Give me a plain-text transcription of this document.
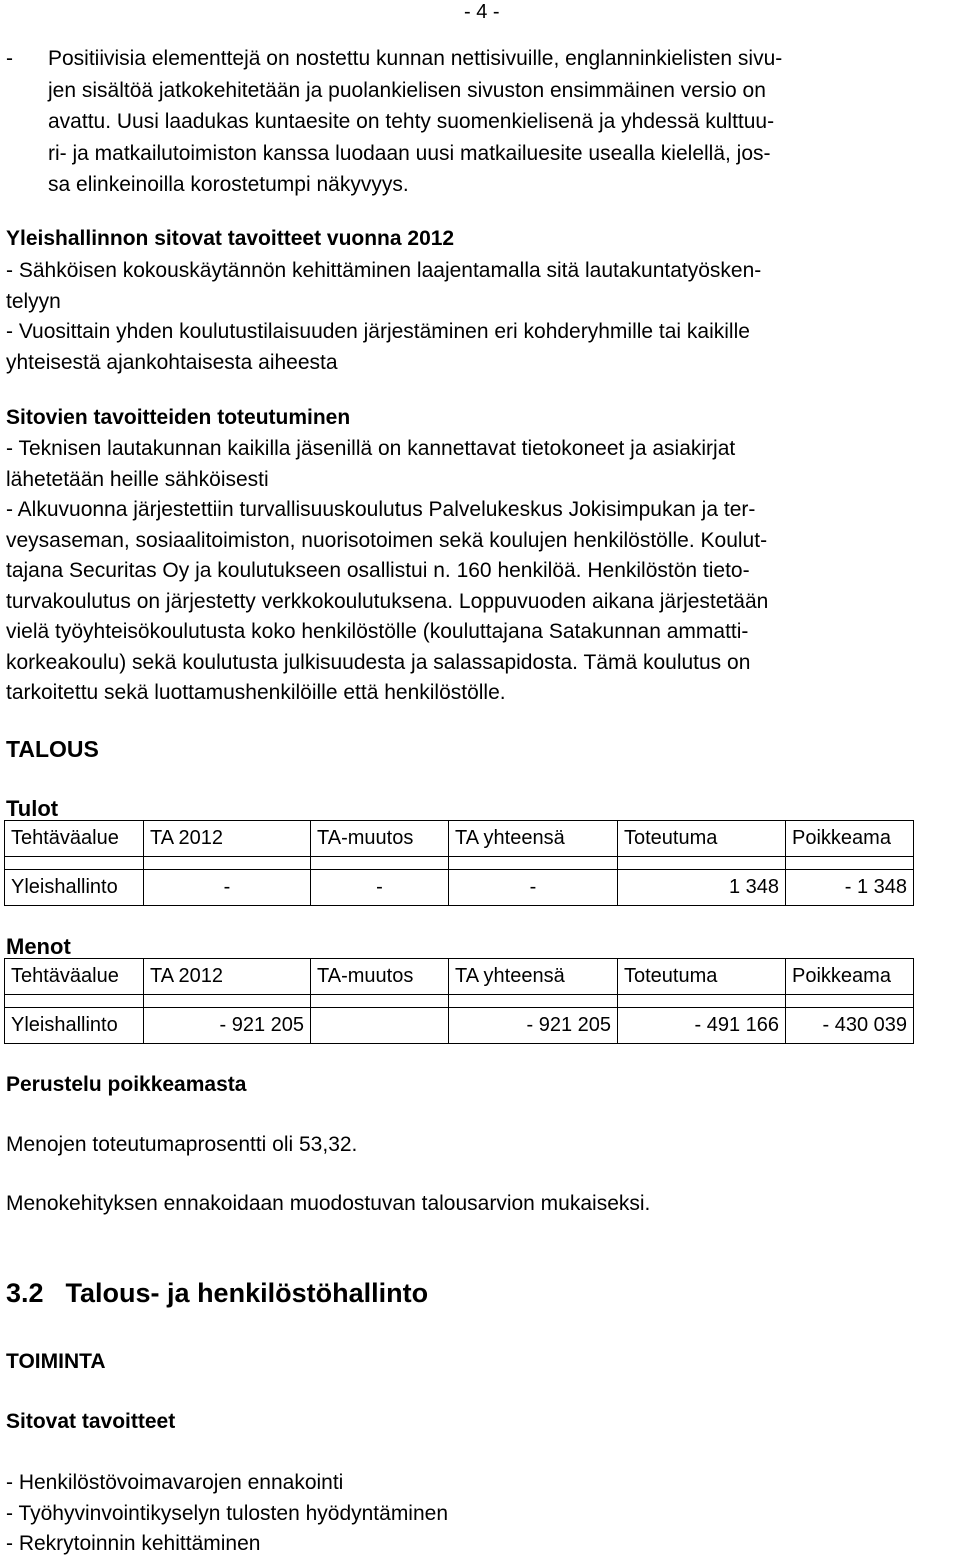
- 4 -
-	Positiivisia elementtejä on nostettu kunnan nettisivuille, englanninkielisten sivu-
jen sisältöä jatkokehitetään ja puolankielisen sivuston ensimmäinen versio on
avattu. Uusi laadukas kuntaesite on tehty suomenkielisenä ja yhdessä kulttuu-
ri- ja matkailutoimiston kanssa luodaan uusi matkailuesite usealla kielellä, jos-
sa elinkeinoilla korostetumpi näkyvyys.
Yleishallinnon sitovat tavoitteet vuonna 2012
- Sähköisen kokouskäytännön kehittäminen laajentamalla sitä lautakuntatyösken-
telyyn
- Vuosittain yhden koulutustilaisuuden järjestäminen eri kohderyhmille tai kaikille
yhteisestä ajankohtaisesta aiheesta
Sitovien tavoitteiden toteutuminen
- Teknisen lautakunnan kaikilla jäsenillä on kannettavat tietokoneet ja asiakirjat
lähetetään heille sähköisesti
- Alkuvuonna järjestettiin turvallisuuskoulutus Palvelukeskus Jokisimpukan ja ter-
veysaseman, sosiaalitoimiston, nuorisotoimen sekä koulujen henkilöstölle. Koulut-
tajana Securitas Oy ja koulutukseen osallistui n. 160 henkilöä. Henkilöstön tieto-
turvakoulutus on järjestetty verkkokoulutuksena. Loppuvuoden aikana järjestetään
vielä työyhteisökoulutusta koko henkilöstölle (kouluttajana Satakunnan ammatti-
korkeakoulu) sekä koulutusta julkisuudesta ja salassapidosta. Tämä koulutus on
tarkoitettu sekä luottamushenkilöille että henkilöstölle.
TALOUS
Tulot
Tehtäväalue	TA 2012	TA-muutos	TA yhteensä	Toteutuma	Poikkeama

Yleishallinto	-	-	-	1 348	- 1 348
Menot
Tehtäväalue	TA 2012	TA-muutos	TA yhteensä	Toteutuma	Poikkeama

Yleishallinto	- 921 205		- 921 205	- 491 166	- 430 039
Perustelu poikkeamasta
Menojen toteutumaprosentti oli 53,32.
Menokehityksen ennakoidaan muodostuvan talousarvion mukaiseksi.
3.2 Talous- ja henkilöstöhallinto
TOIMINTA
Sitovat tavoitteet
- Henkilöstövoimavarojen ennakointi
- Työhyvinvointikyselyn tulosten hyödyntäminen
- Rekrytoinnin kehittäminen
